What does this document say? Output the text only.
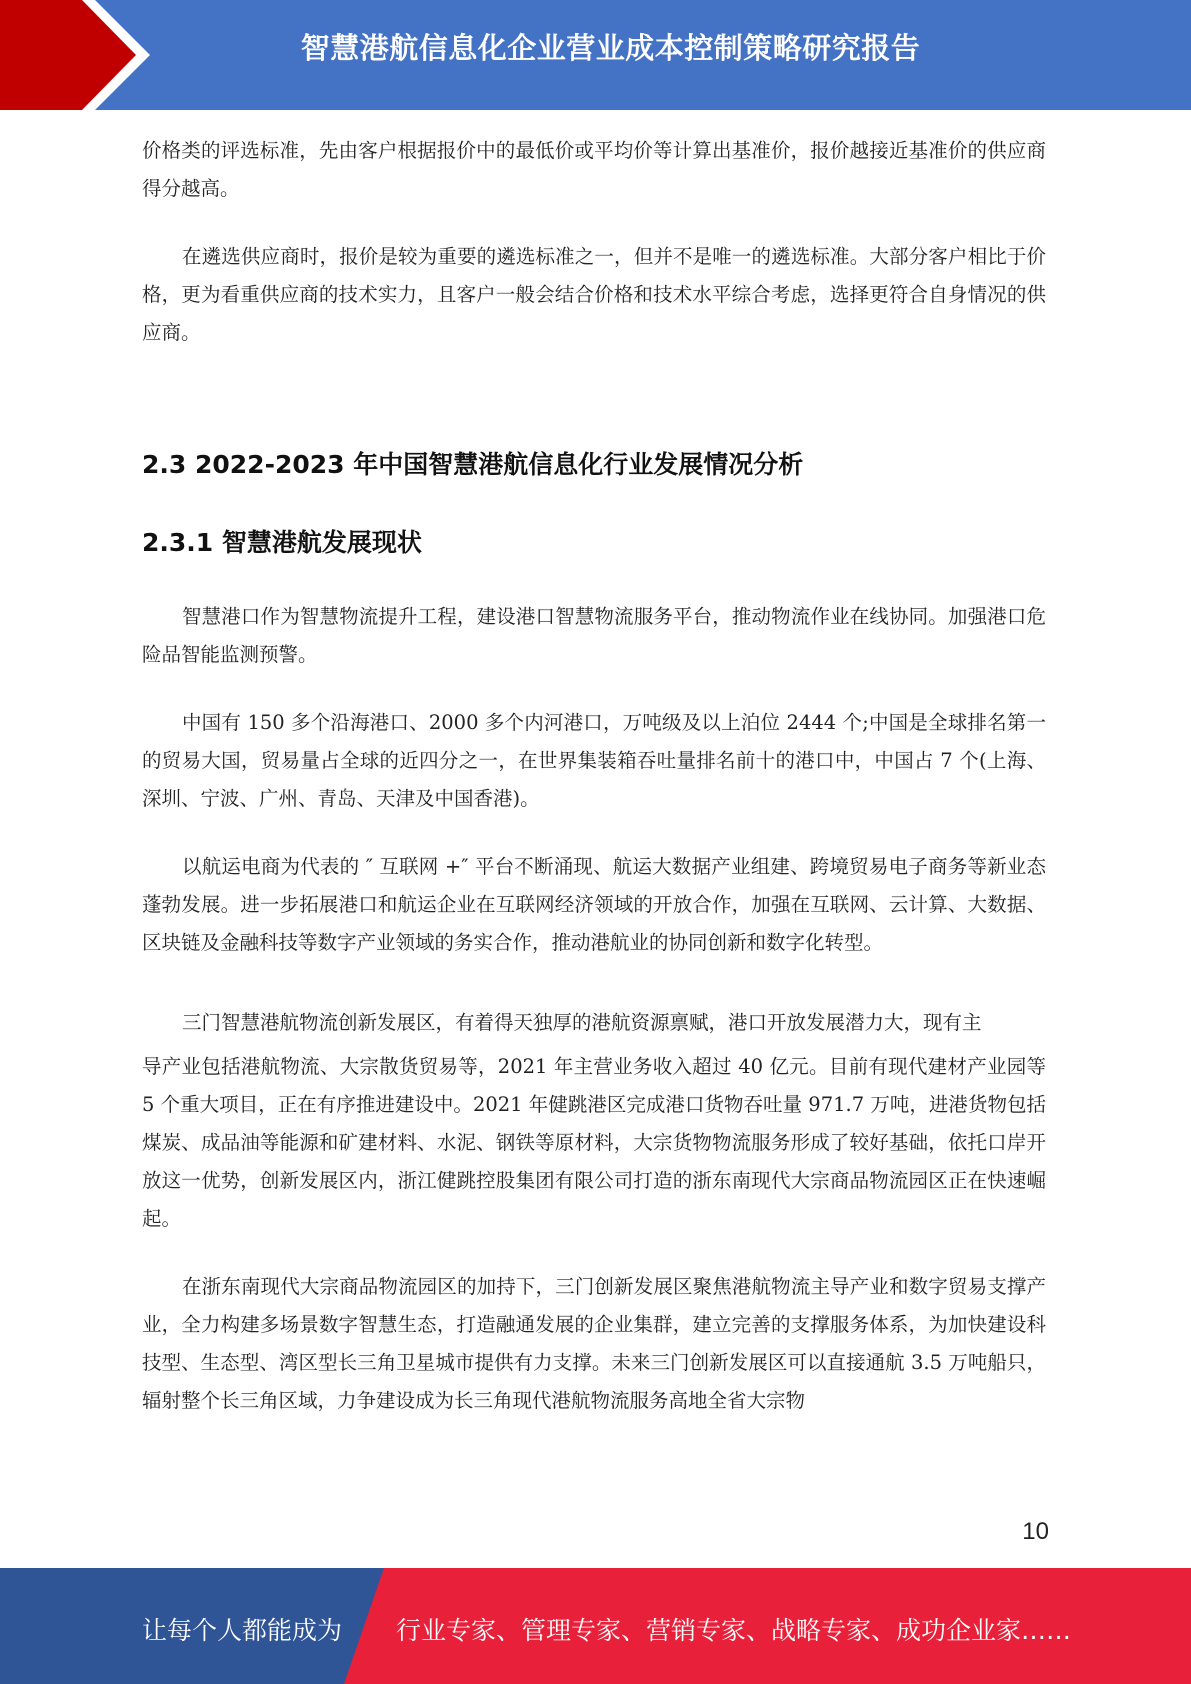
智慧港航信息化企业营业成本控制策略研究报告

价格类的评选标准，先由客户根据报价中的最低价或平均价等计算出基准价，报价越接近基准价的供应商得分越高。

在遴选供应商时，报价是较为重要的遴选标准之一，但并不是唯一的遴选标准。大部分客户相比于价格，更为看重供应商的技术实力，且客户一般会结合价格和技术水平综合考虑，选择更符合自身情况的供应商。

2.3 2022-2023 年中国智慧港航信息化行业发展情况分析
2.3.1 智慧港航发展现状

智慧港口作为智慧物流提升工程，建设港口智慧物流服务平台，推动物流作业在线协同。加强港口危险品智能监测预警。

中国有 150 多个沿海港口、2000 多个内河港口，万吨级及以上泊位 2444 个;中国是全球排名第一的贸易大国，贸易量占全球的近四分之一，在世界集装箱吞吐量排名前十的港口中，中国占 7 个(上海、深圳、宁波、广州、青岛、天津及中国香港)。

以航运电商为代表的 ″ 互联网 +″ 平台不断涌现、航运大数据产业组建、跨境贸易电子商务等新业态蓬勃发展。进一步拓展港口和航运企业在互联网经济领域的开放合作，加强在互联网、云计算、大数据、区块链及金融科技等数字产业领域的务实合作，推动港航业的协同创新和数字化转型。

三门智慧港航物流创新发展区，有着得天独厚的港航资源禀赋，港口开放发展潜力大，现有主

导产业包括港航物流、大宗散货贸易等，2021 年主营业务收入超过 40 亿元。目前有现代建材产业园等 5 个重大项目，正在有序推进建设中。2021 年健跳港区完成港口货物吞吐量 971.7 万吨，进港货物包括煤炭、成品油等能源和矿建材料、水泥、钢铁等原材料，大宗货物物流服务形成了较好基础，依托口岸开放这一优势，创新发展区内，浙江健跳控股集团有限公司打造的浙东南现代大宗商品物流园区正在快速崛起。

在浙东南现代大宗商品物流园区的加持下，三门创新发展区聚焦港航物流主导产业和数字贸易支撑产业，全力构建多场景数字智慧生态，打造融通发展的企业集群，建立完善的支撑服务体系，为加快建设科技型、生态型、湾区型长三角卫星城市提供有力支撑。未来三门创新发展区可以直接通航 3.5 万吨船只，辐射整个长三角区域，力争建设成为长三角现代港航物流服务高地全省大宗物

10
让每个人都能成为 行业专家、管理专家、营销专家、战略专家、成功企业家……
